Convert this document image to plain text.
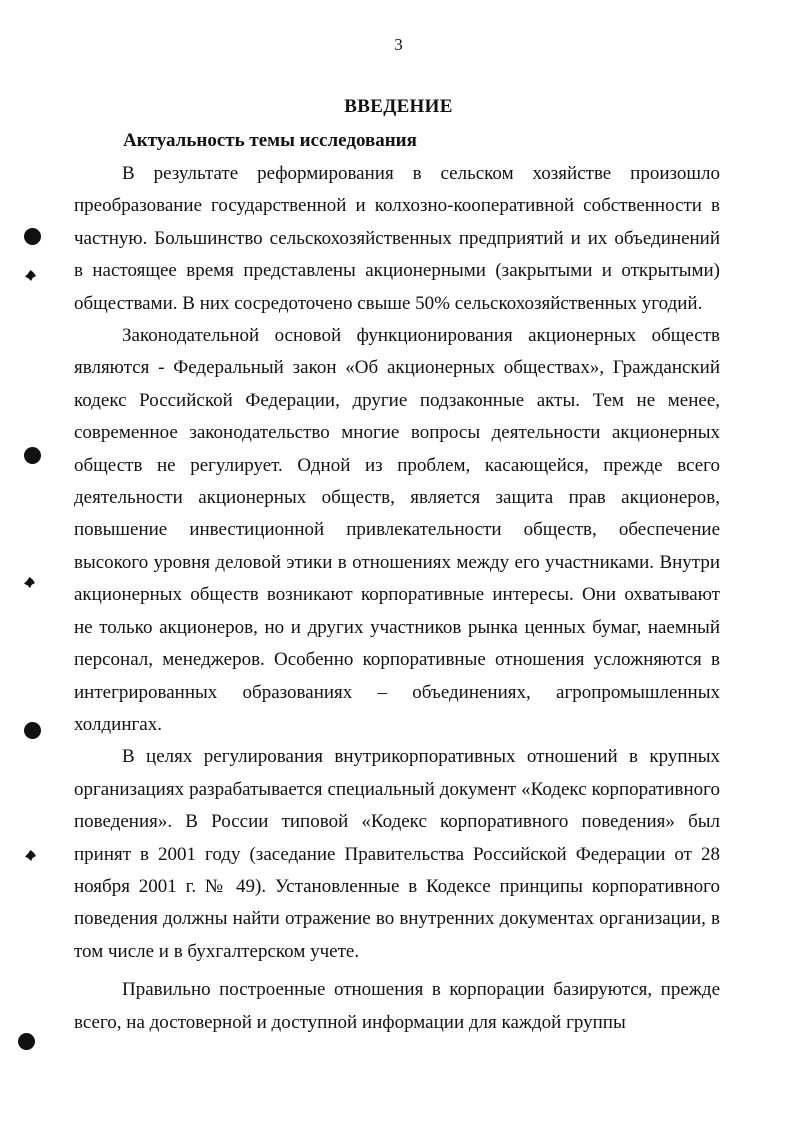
3
ВВЕДЕНИЕ
Актуальность темы исследования

В результате реформирования в сельском хозяйстве произошло преобразование государственной и колхозно-кооперативной собственности в частную. Большинство сельскохозяйственных предприятий и их объединений в настоящее время представлены акционерными (закрытыми и открытыми) обществами. В них сосредоточено свыше 50% сельскохозяйственных угодий.

Законодательной основой функционирования акционерных обществ являются - Федеральный закон «Об акционерных обществах», Гражданский кодекс Российской Федерации, другие подзаконные акты. Тем не менее, современное законодательство многие вопросы деятельности акционерных обществ не регулирует. Одной из проблем, касающейся, прежде всего деятельности акционерных обществ, является защита прав акционеров, повышение инвестиционной привлекательности обществ, обеспечение высокого уровня деловой этики в отношениях между его участниками. Внутри акционерных обществ возникают корпоративные интересы. Они охватывают не только акционеров, но и других участников рынка ценных бумаг, наемный персонал, менеджеров. Особенно корпоративные отношения усложняются в интегрированных образованиях – объединениях, агропромышленных холдингах.

В целях регулирования внутрикорпоративных отношений в крупных организациях разрабатывается специальный документ «Кодекс корпоративного поведения». В России типовой «Кодекс корпоративного поведения» был принят в 2001 году (заседание Правительства Российской Федерации от 28 ноября 2001 г. № 49). Установленные в Кодексе принципы корпоративного поведения должны найти отражение во внутренних документах организации, в том числе и в бухгалтерском учете.

Правильно построенные отношения в корпорации базируются, прежде всего, на достоверной и доступной информации для каждой группы
